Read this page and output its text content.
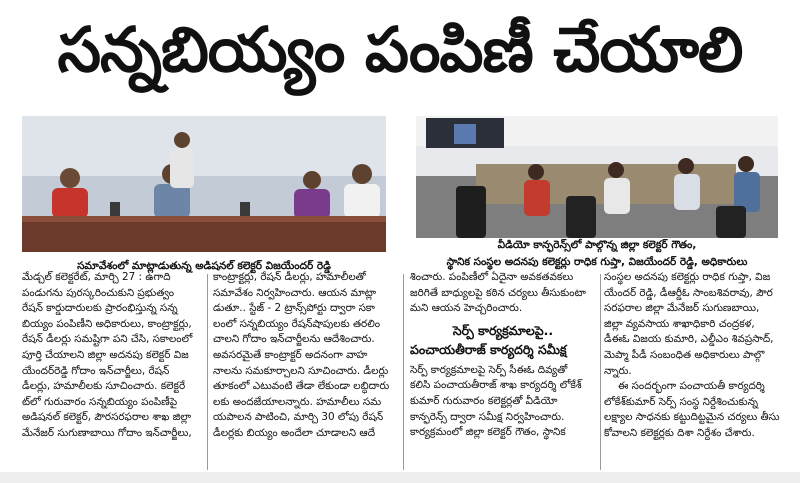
సన్నబియ్యం పంపిణీ చేయాలి
సమావేశంలో మాట్లాడుతున్న అడిషనల్ కలెక్టర్ విజయేందర్ రెడ్డి
వీడియో కాన్ఫరెన్స్‌లో పాల్గొన్న జిల్లా కలెక్టర్ గౌతం,
స్థానిక సంస్థల అదనపు కలెక్టర్లు రాధిక గుప్తా, విజయేందర్ రెడ్డి, అధికారులు

మేడ్చల్ కలెక్టరేట్, మార్చి 27 : ఉగాది

పండుగను పురస్కరించుకుని ప్రభుత్వం

రేషన్ కార్డుదారులకు ప్రారంభిస్తున్న సన్న

బియ్యం పంపిణీని అధికారులు, కాంట్రాక్టర్లు,

రేషన్ డీలర్లు సమష్టిగా పని చేసి, సకాలంలో

పూర్తి చేయాలని జిల్లా అదనపు కలెక్టర్ విజ

యేందర్‌రెడ్డి గోదాం ఇన్‌చార్జీలు, రేషన్

డీలర్లు, హమాలీలకు సూచించారు. కలెక్టరే

ట్‌లో గురువారం సన్నబియ్యం పంపిణీపై

అడిషనల్ కలెక్టర్, పౌరసరఫరాల శాఖ జిల్లా

మేనేజర్ సుగుణాబాయి గోదాం ఇన్‌చార్జీలు,

కాంట్రాక్టర్లు, రేషన్ డీలర్లు, హమాలీలతో

సమావేశం నిర్వహించారు. ఆయన మాట్లా

డుతూ.. స్టేజ్ - 2 ట్రాన్స్‌పోర్టు ద్వారా సకా

లంలో సన్నబియ్యం రేషన్‌షాపులకు తరలిం

చాలని గోదాం ఇన్‌చార్జీలను ఆదేశించారు.

అవసరమైతే కాంట్రాక్టర్ అదనంగా వాహ

నాలను సమకూర్చాలని సూచించారు. డీలర్లు

తూకంలో ఎటువంటి తేడా లేకుండా లబ్ధిదారు

లకు అందజేయాలన్నారు. హమాలీలు సమ

యపాలన పాటించి, మార్చి 30 లోపు రేషన్

డీలర్లకు బియ్యం అందేలా చూడాలని ఆదే

శించారు. పంపిణీలో ఏదైనా అవకతవకలు

జరిగితే బాధ్యులపై కఠిన చర్యలు తీసుకుంటా

మని ఆయన హెచ్చరించారు.

సెర్ప్ కార్యక్రమాలపై..
పంచాయతీరాజ్ కార్యదర్శి సమీక్ష

సెర్ప్ కార్యక్రమాలపై సెర్ప్ సీఈఓ దివ్యతో

కలిసి పంచాయతీరాజ్ శాఖ కార్యదర్శి లోకేశ్

కుమార్ గురువారం కలెక్టర్లతో వీడియో

కాన్ఫరెన్స్ ద్వారా సమీక్ష నిర్వహించారు.

కార్యక్రమంలో జిల్లా కలెక్టర్ గౌతం, స్థానిక

సంస్థల అదనపు కలెక్టర్లు రాధిక గుప్తా, విజ

యేందర్ రెడ్డి, డీఆర్డీఓ సాంబశివరావు, పౌర

సరఫరాల జిల్లా మేనేజర్ సుగుణబాయి,

జిల్లా వ్యవసాయ శాఖాధికారి చంద్రకళ,

డీఈఓ విజయ కుమారి, ఎల్డీఎం శివప్రసాద్,

మెప్మా పీడీ సంబంధిత అధికారులు పాల్గొ

న్నారు.

ఈ సందర్భంగా పంచాయతీ కార్యదర్శి

లోకేశ్‌కుమార్ సెర్ప్ సంస్థ నిర్దేశించుకున్న

లక్ష్యాల సాధనకు కట్టుదిట్టమైన చర్యలు తీసు

కోవాలని కలెక్టర్లకు దిశా నిర్దేశం చేశారు.
